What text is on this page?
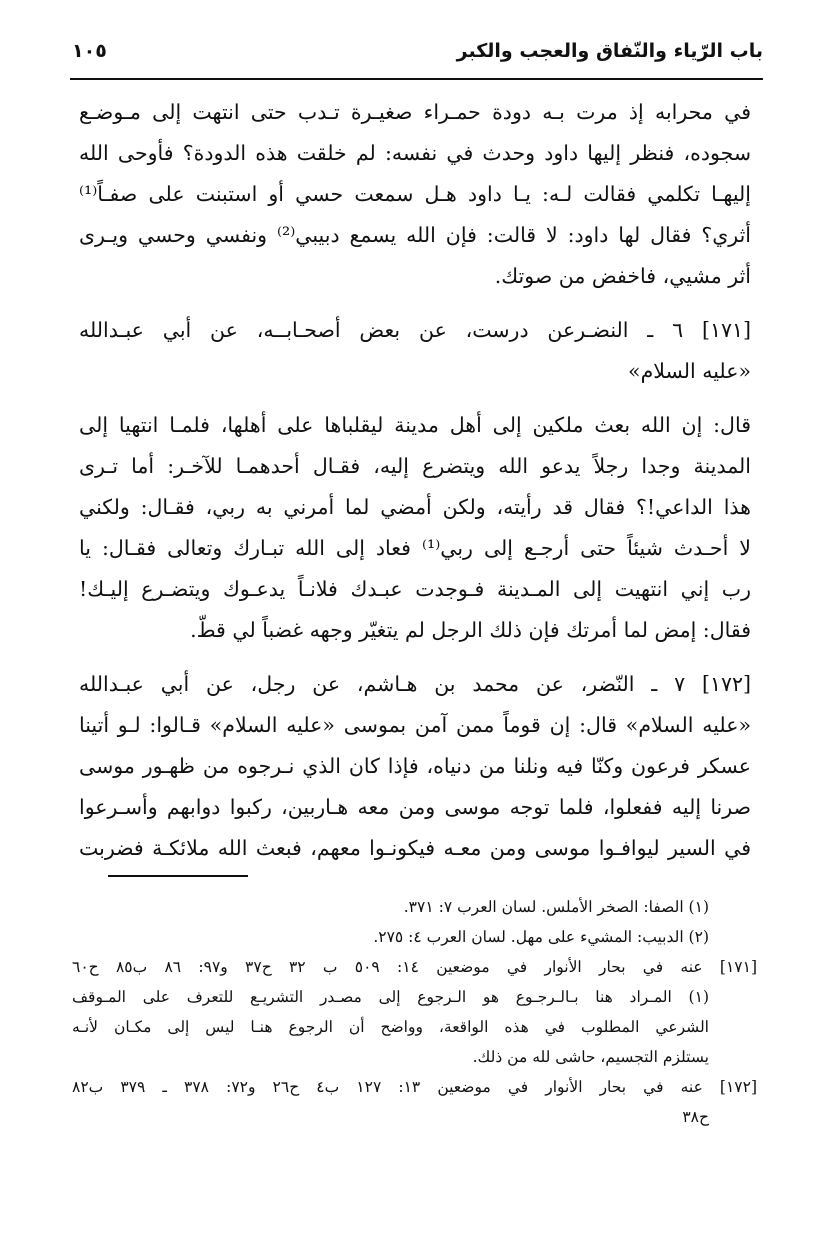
باب الرّياء والنّفاق والعجب والكبر
١٠٥

في محرابه إذ مرت بـه دودة حمـراء صغيـرة تـدب حتى انتهت إلى مـوضـع
سجوده، فنظر إليها داود وحدث في نفسه: لم خلقت هذه الدودة؟ فأوحى الله
إليهـا تكلمي فقالت لـه: يـا داود هـل سمعت حسي أو استبنت على صفـاً⁽¹⁾
أثري؟ فقال لها داود: لا قالت: فإن الله يسمع دبيبي⁽²⁾ ونفسي وحسي ويـرى
أثر مشيي، فاخفض من صوتك.

[١٧١] ٦ ـ النضـرعن درست، عن بعض أصحـابــه، عن أبي عبـدالله
«عليه السلام»

قال: إن الله بعث ملكين إلى أهل مدينة ليقلباها على أهلها، فلمـا انتهيا إلى
المدينة وجدا رجلاً يدعو الله ويتضرع إليه، فقـال أحدهمـا للآخـر: أما تـرى
هذا الداعي!؟ فقال قد رأيته، ولكن أمضي لما أمرني به ربي، فقـال: ولكني
لا أحـدث شيئاً حتى أرجـع إلى ربي⁽¹⁾ فعاد إلى الله تبـارك وتعالى فقـال: يا
رب إني انتهيت إلى المـدينة فـوجدت عبـدك فلانـاً يدعـوك ويتضـرع إليـك!
فقال: إمض لما أمرتك فإن ذلك الرجل لم يتغيّر وجهه غضباً لي قطّ.

[١٧٢] ٧ ـ النّضر، عن محمد بن هـاشم، عن رجل، عن أبي عبـدالله
«عليه السلام» قال: إن قوماً ممن آمن بموسى «عليه السلام» قـالوا: لـو أتينا
عسكر فرعون وكنّا فيه ونلنا من دنياه، فإذا كان الذي نـرجوه من ظهـور موسى
صرنا إليه ففعلوا، فلما توجه موسى ومن معه هـاربين، ركبوا دوابهم وأسـرعوا
في السير ليوافـوا موسى ومن معـه فيكونـوا معهم، فبعث الله ملائكـة فضربت

(١) الصفا: الصخر الأملس. لسان العرب ٧: ٣٧١.
(٢) الدبيب: المشيء على مهل. لسان العرب ٤: ٢٧٥.
[١٧١] عنه في بحار الأنوار في موضعين ١٤: ٥٠٩ ب ٣٢ ح٣٧ و٩٧: ٨٦ ب٨٥ ح٦٠
(١) المـراد هنا بـالـرجـوع هو الـرجوع إلى مصـدر التشريـع للتعرف على المـوقف
الشرعي المطلوب في هذه الواقعة، وواضح أن الرجوع هنـا ليس إلى مكـان لأنـه
يستلزم التجسيم، حاشى لله من ذلك.
[١٧٢] عنه في بحار الأنوار في موضعين ١٣: ١٢٧ ب٤ ح٢٦ و٧٢: ٣٧٨ ـ ٣٧٩ ب٨٢
ح٣٨
